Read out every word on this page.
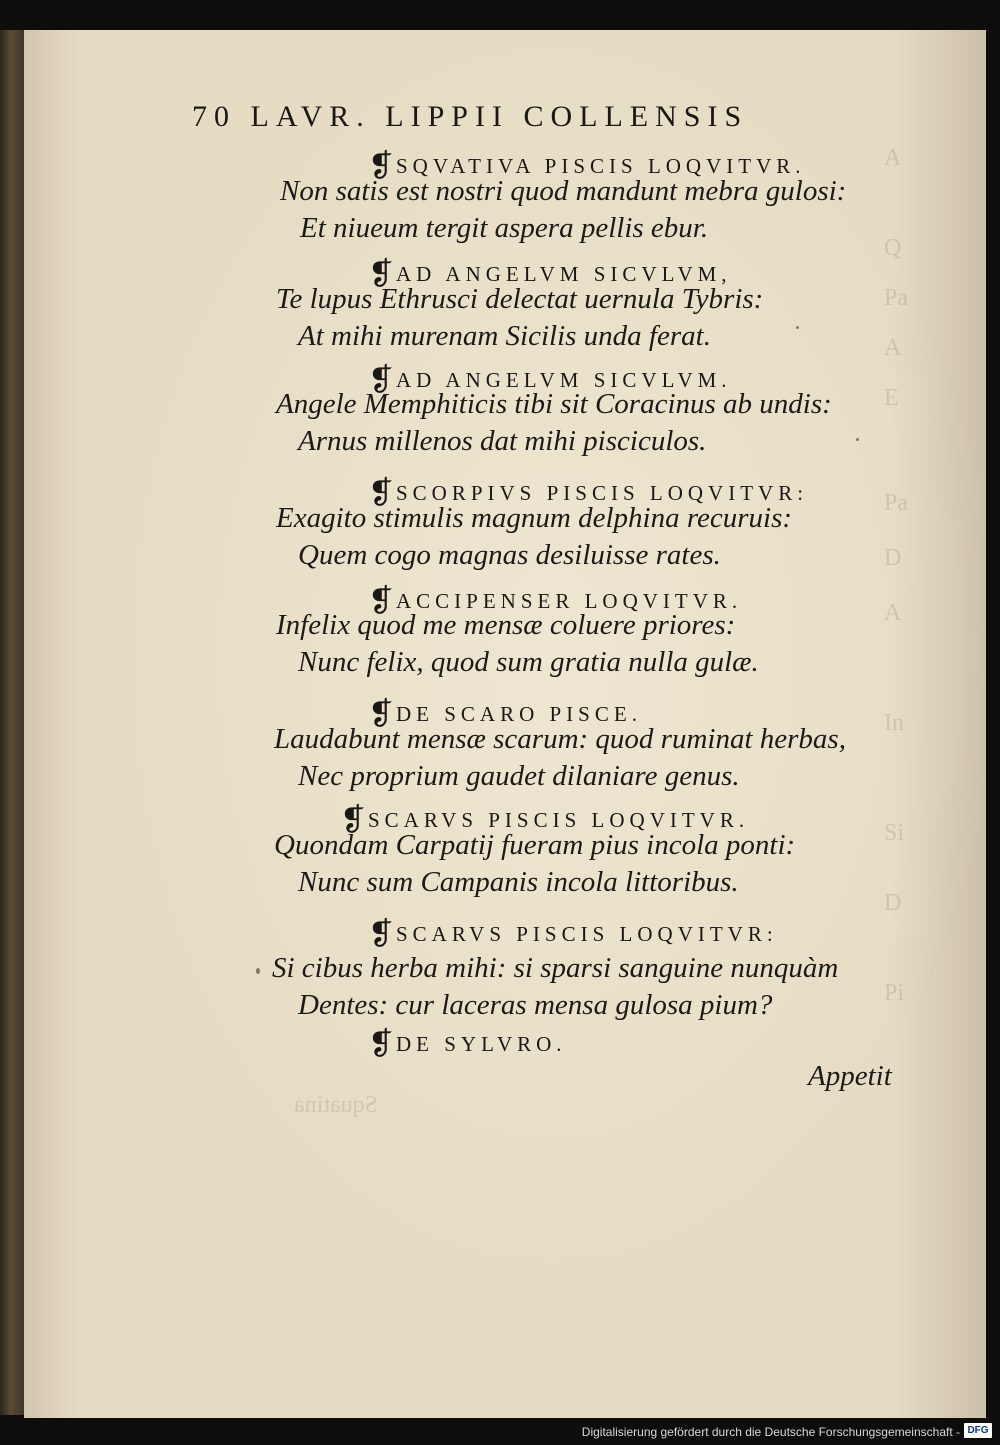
A
Q
Pa
A
E
Pa
D
A
In
Si
D
Pi
Squatina
70 LAVR. LIPPII COLLENSIS
❡SQVATIVA PISCIS LOQVITVR.
Non satis est nostri quod mandunt mebra gulosi:
Et niueum tergit aspera pellis ebur.
❡AD ANGELVM SICVLVM,
Te lupus Ethrusci delectat uernula Tybris:
At mihi murenam Sicilis unda ferat.
❡AD ANGELVM SICVLVM.
Angele Memphiticis tibi sit Coracinus ab undis:
Arnus millenos dat mihi pisciculos.
❡SCORPIVS PISCIS LOQVITVR:
Exagito stimulis magnum delphina recuruis:
Quem cogo magnas desiluisse rates.
❡ACCIPENSER LOQVITVR.
Infelix quod me mensæ coluere priores:
Nunc felix, quod sum gratia nulla gulæ.
❡DE SCARO PISCE.
Laudabunt mensæ scarum: quod ruminat herbas,
Nec proprium gaudet dilaniare genus.
❡SCARVS PISCIS LOQVITVR.
Quondam Carpatij fueram pius incola ponti:
Nunc sum Campanis incola littoribus.
❡SCARVS PISCIS LOQVITVR:
Si cibus herba mihi: si sparsi sanguine nunquàm
Dentes: cur laceras mensa gulosa pium?
❡DE SYLVRO.
Appetit
Digitalisierung gefördert durch die Deutsche Forschungsgemeinschaft - DFG
